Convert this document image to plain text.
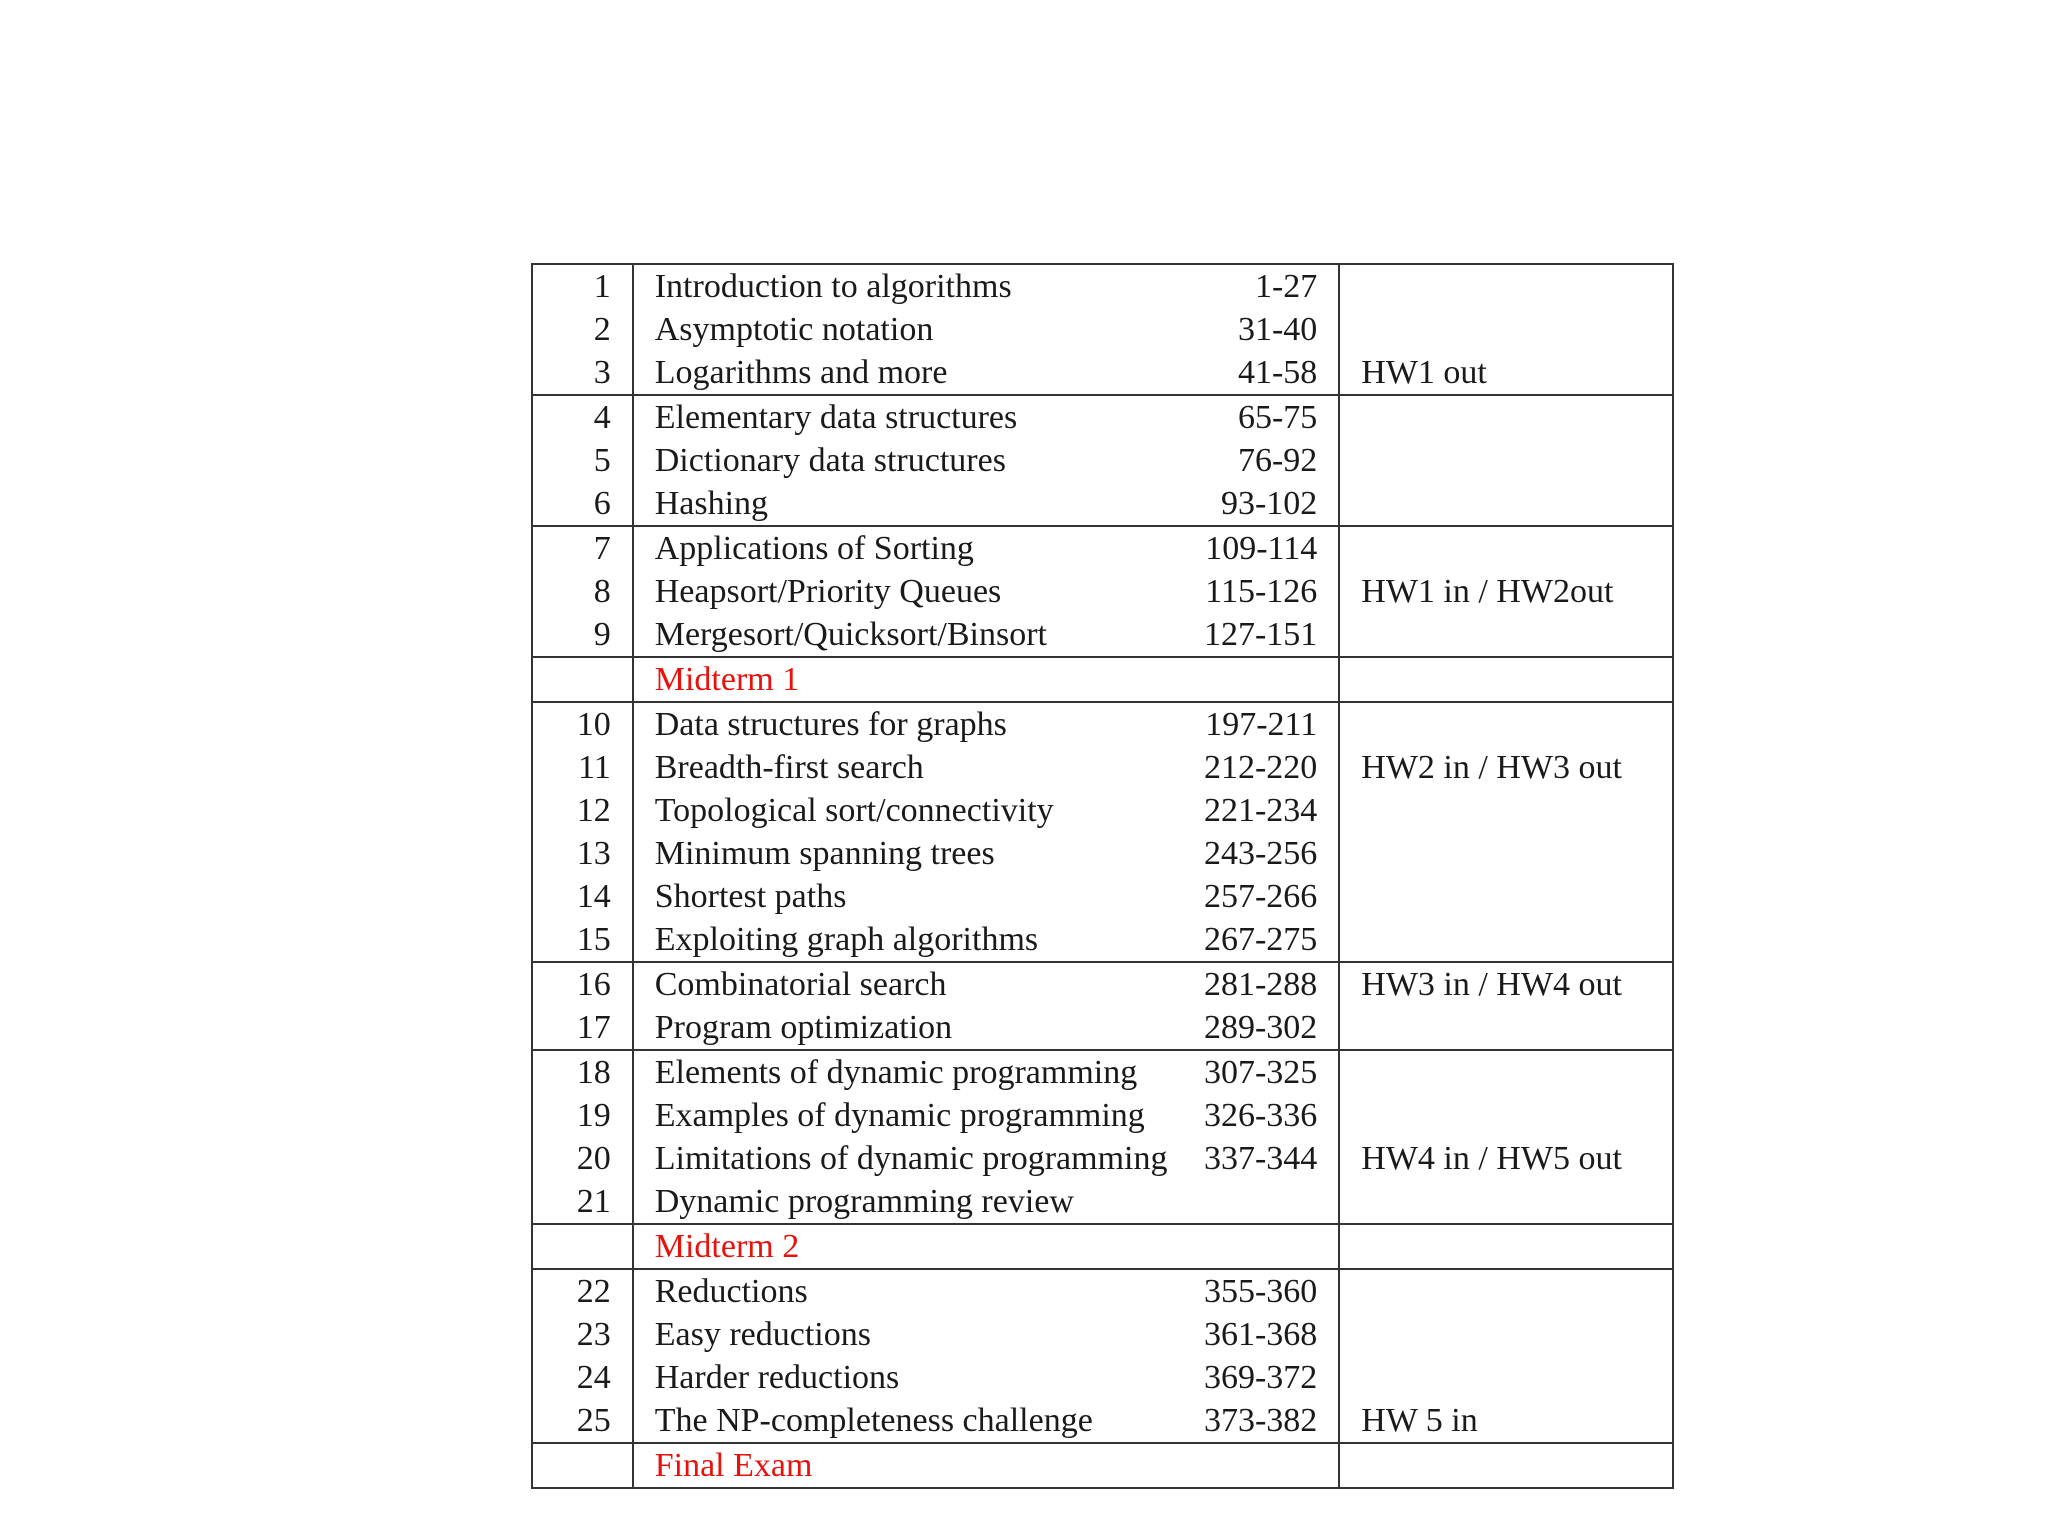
1	Introduction to algorithms	1-27	
2	Asymptotic notation	31-40	
3	Logarithms and more	41-58	HW1 out
4	Elementary data structures	65-75	
5	Dictionary data structures	76-92	
6	Hashing	93-102	
7	Applications of Sorting	109-114	
8	Heapsort/Priority Queues	115-126	HW1 in / HW2out
9	Mergesort/Quicksort/Binsort	127-151	
	Midterm 1		
10	Data structures for graphs	197-211	
11	Breadth-first search	212-220	HW2 in / HW3 out
12	Topological sort/connectivity	221-234	
13	Minimum spanning trees	243-256	
14	Shortest paths	257-266	
15	Exploiting graph algorithms	267-275	
16	Combinatorial search	281-288	HW3 in / HW4 out
17	Program optimization	289-302	
18	Elements of dynamic programming	307-325	
19	Examples of dynamic programming	326-336	
20	Limitations of dynamic programming	337-344	HW4 in / HW5 out
21	Dynamic programming review		
	Midterm 2		
22	Reductions	355-360	
23	Easy reductions	361-368	
24	Harder reductions	369-372	
25	The NP-completeness challenge	373-382	HW 5 in
	Final Exam		
